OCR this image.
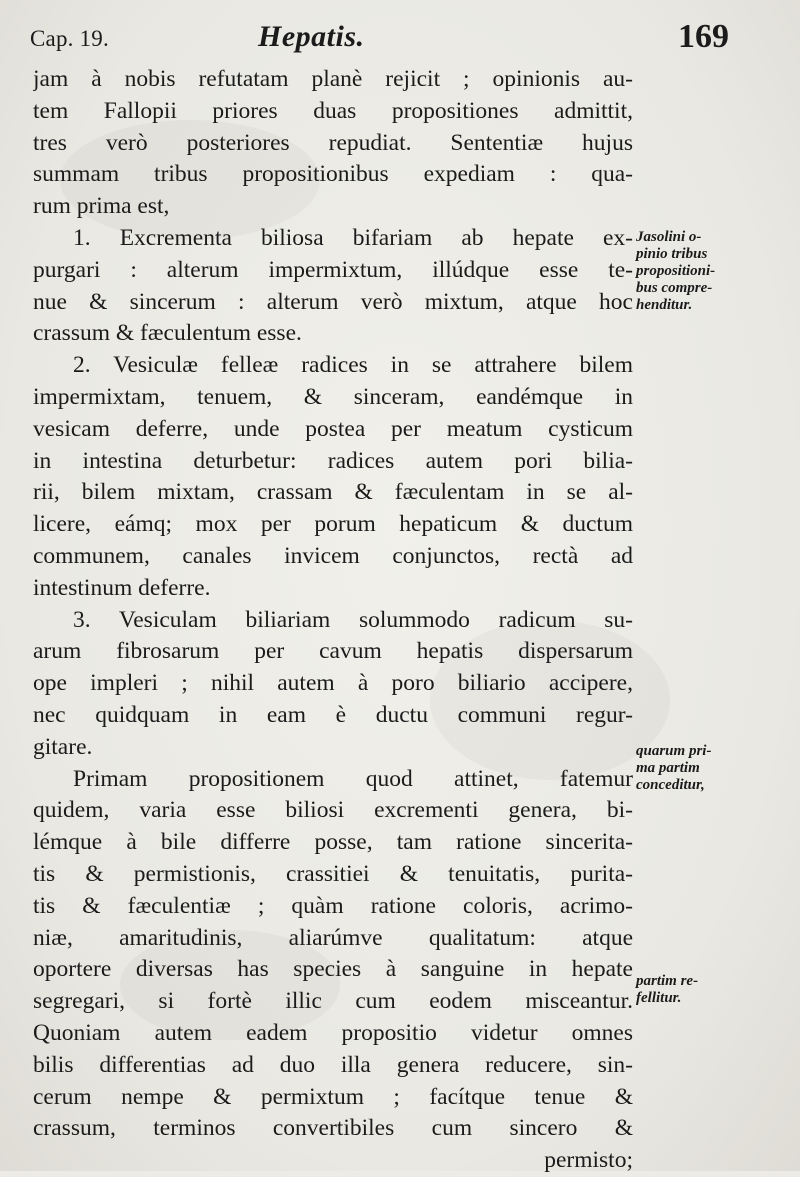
Cap. 19.	Hepatis.	169
jam à nobis refutatam planè rejicit ; opinionis au-
tem Fallopii priores duas propositiones admittit,
tres verò posteriores repudiat. Sententiæ hujus
summam tribus propositionibus expediam : qua-
rum prima est,
1. Excrementa biliosa bifariam ab hepate ex-
purgari : alterum impermixtum, illúdque esse te-
nue & sincerum : alterum verò mixtum, atque hoc
crassum & fæculentum esse.
2. Vesiculæ felleæ radices in se attrahere bilem
impermixtam, tenuem, & sinceram, eandémque in
vesicam deferre, unde postea per meatum cysticum
in intestina deturbetur: radices autem pori bilia-
rii, bilem mixtam, crassam & fæculentam in se al-
licere, eámq; mox per porum hepaticum & ductum
communem, canales invicem conjunctos, rectà ad
intestinum deferre.
3. Vesiculam biliariam solummodo radicum su-
arum fibrosarum per cavum hepatis dispersarum
ope impleri ; nihil autem à poro biliario accipere,
nec quidquam in eam è ductu communi regur-
gitare.
Primam propositionem quod attinet, fatemur
quidem, varia esse biliosi excrementi genera, bi-
lémque à bile differre posse, tam ratione sincerita-
tis & permistionis, crassitiei & tenuitatis, purita-
tis & fæculentiæ ; quàm ratione coloris, acrimo-
niæ, amaritudinis, aliarúmve qualitatum: atque
oportere diversas has species à sanguine in hepate
segregari, si fortè illic cum eodem misceantur.
Quoniam autem eadem propositio videtur omnes
bilis differentias ad duo illa genera reducere, sin-
cerum nempe & permixtum ; facítque tenue &
crassum, terminos convertibiles cum sincero &
permisto;
Jasolini o-
pinio tribus
propositioni-
bus compre-
henditur.
quarum pri-
ma partim
conceditur,
partim re-
fellitur.
